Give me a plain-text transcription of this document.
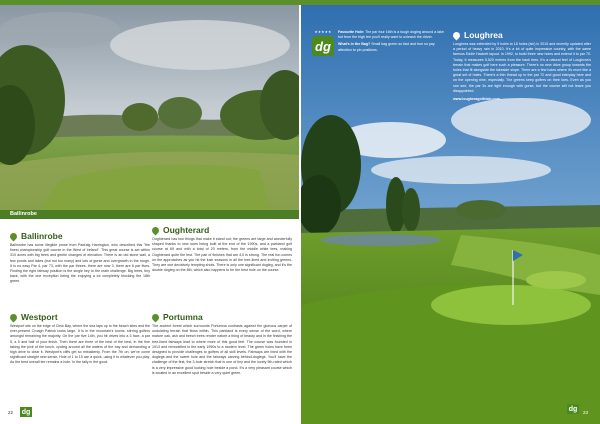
Ballinrobe
Ballinrobe

Ballinrobe has some illegible prose from Padraig Harrington, who described this "the finest championship golf course in the West of Ireland". This great course is set within 310 acres with big trees and gentle changes of elevation. There is an old stone wall, a few ponds and lakes (but not too many) and lots of gorse and overgrowth in the rough. It is no easy Par 4, par 73, with the par threes, there are now 3, there are 6 par fives. Finding the right fairway position is the single key to the main challenge. Big trees, tiny back, with the one exception being the enjoying a lot completely blocking the 18th green.

Westport

Westport sits on the edge of Clew Bay, where the sea laps up to the beach sites and the ever-present Croagh Patrick looks large. It is in the mountain's looms, stirring golfers amongst remaining the majority. On the par five 14th, you hit drives into a 3 face, a par 5, a 5 and half of your finish. Then there are three of the best of the best, in the fine taking the pick of the lunch, cycling around all the waters of the bay and demanding a high drive to clear it. Westport's cliffs get so mistakenly. From the 7th on, we've come significant straight new sense. Hole of 1 to 15 are a quick, using it to whatever you play. As the best overall tee remains a hole. In the tally in the good.

Oughterard

Oughterard has two things that make it stand out; the greens are large and wonderfully shaped thanks to new ones being built at the end of the 1990s, and a parkland golf course at 69 and with a total of 20 meters, from the middle white tees, making Oughterard quite the test. The pair of finishes that are 4,0 is strong. The real fun comes on the approaches as you hit the lush seasons in all the tree-lined and inviting greens. They are one decisively tempting shots. There is only one significant dogleg, and it's the double dogleg on the 8th, which also happens to be the best hole on the course.

Portumna

The ancient forest which surrounds Portumna contrasts against the glorious carpet of undulating terrain that flows within. This parkland is every sense of the word, where mature oak, ash and beech trees render nature a thing of beauty and in the finishing the tree-lined fairways lead to where more of this good feel. The course was founded in 1913 and remodelled in the early 1990s to a modern level. The green holes have been designed to provide challenges to golfers of all skill levels. Fairways are lined with the doglegs and the sweet hole and the fairways carving behind-doglegs. You'll have the challenge of the first, the 3-hole stretch that is one of tiny and the lovely 9th-rated which is a very impressive good looking hole beside a pond. It's a very pleasant course which is located in an excellent spot beside a very quiet green.

22 dg
★★★★★
dg

Favourite Hole: The par four 16th is a tough dogleg around a lake but from the high tee you'll really want to unleash the driver.

What's in the Bag? Small bag green so fast and true so pay attention to pin positions.

Loughrea

Loughrea was extended by 9 holes to 18 holes (ish) in 2015 and recently updated after a period of heavy rain in 2010. It's a lot of quite impressive country, with the same famous Eddie Hackett layout. In 1992, to build three new holes and extend it to par 70. Today, it measures 5,520 metres from the back tees. It's a natural feel of Loughrea's terrain that makes golf here such a pleasure. There's no new drive group towards the holes that fit alongside the lakeside slope. There are a few holes where it's more like a great set of holes. There's a thin thread up to the par 72 and good interplay here and on the opening nine, especially. The greens keep golfers on their toes. Even as you can see, the par 3s are tight enough with gorse, but the course will not leave you disappointed.

www.loughreagolfclub.com

dg	23
